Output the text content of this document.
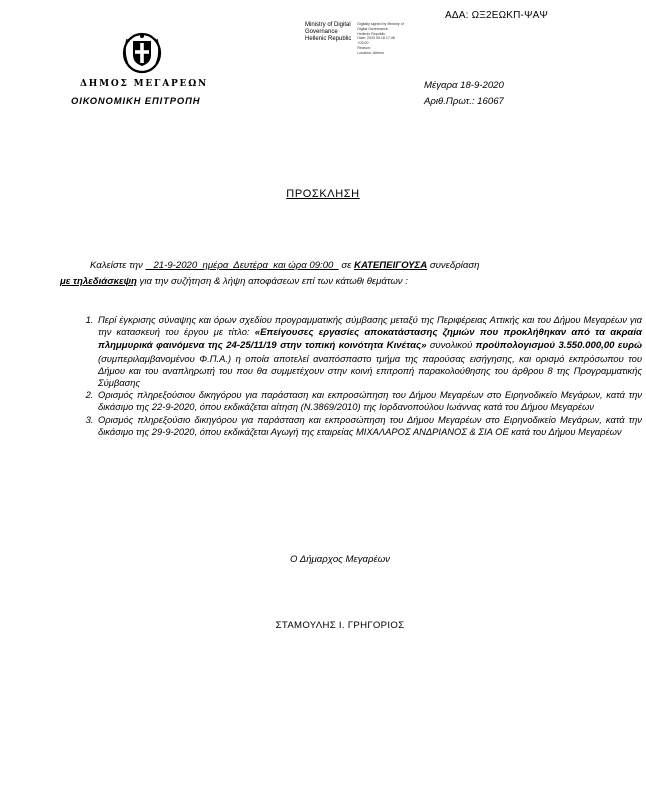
ΑΔΑ: ΩΞ2ΕΩΚΠ-ΨΑΨ
Ministry of Digital
Governance
Hellenic Republic
Digitally signed by Ministry of
Digital Governance,
Hellenic Republic
Date: 2020.09.18 17:46
+03:00
Reason:
Location: Athens
ΔΗΜΟΣ ΜΕΓΑΡΕΩΝ
ΟΙΚΟΝΟΜΙΚΗ ΕΠΙΤΡΟΠΗ
Μέγαρα 18-9-2020
Αριθ.Πρωτ.: 16067
ΠΡΟΣΚΛΗΣΗ

Καλείστε την    21-9-2020  ημέρα  Δευτέρα  και ώρα 09:00   σε ΚΑΤΕΠΕΙΓΟΥΣΑ συνεδρίαση

με τηλεδιάσκεψη για την συζήτηση & λήψη αποφάσεων επί των κάτωθι θεμάτων :

1. Περί έγκρισης σύναψης και όρων σχεδίου προγραμματικής σύμβασης μεταξύ της Περιφέρειας Αττικής και του Δήμου Μεγαρέων για την κατασκευή του έργου με τίτλο: «Επείγουσες εργασίες αποκατάστασης ζημιών που προκλήθηκαν από τα ακραία πλημμυρικά φαινόμενα της 24-25/11/19 στην τοπική κοινότητα Κινέτας» συνολικού προϋπολογισμού 3.550.000,00 ευρώ (συμπεριλαμβανομένου Φ.Π.Α.) η οποία αποτελεί αναπόσπαστο τμήμα της παρούσας εισήγησης, και ορισμό εκπρόσωπου του Δήμου και του αναπληρωτή του που θα συμμετέχουν στην κοινή επιτροπή παρακολούθησης του άρθρου 8 της Προγραμματικής Σύμβασης
2. Ορισμός πληρεξούσιου δικηγόρου για παράσταση και εκπροσώπηση του Δήμου Μεγαρέων στο Ειρηνοδικείο Μεγάρων, κατά την δικάσιμο της 22-9-2020, όπου εκδικάζεται αίτηση (Ν.3869/2010) της Ιορδανοπούλου Ιωάννας κατά του Δήμου Μεγαρέων
3. Ορισμός πληρεξούσιο δικηγόρου για παράσταση και εκπροσώπηση του Δήμου Μεγαρέων στο Ειρηνοδικείο Μεγάρων, κατά την δικάσιμο της 29-9-2020, όπου εκδικάζεται Αγωγή της εταιρείας ΜΙΧΑΛΑΡΟΣ ΑΝΔΡΙΑΝΟΣ & ΣΙΑ ΟΕ κατά του Δήμου Μεγαρέων
Ο Δήμαρχος Μεγαρέων
ΣΤΑΜΟΥΛΗΣ Ι. ΓΡΗΓΟΡΙΟΣ
